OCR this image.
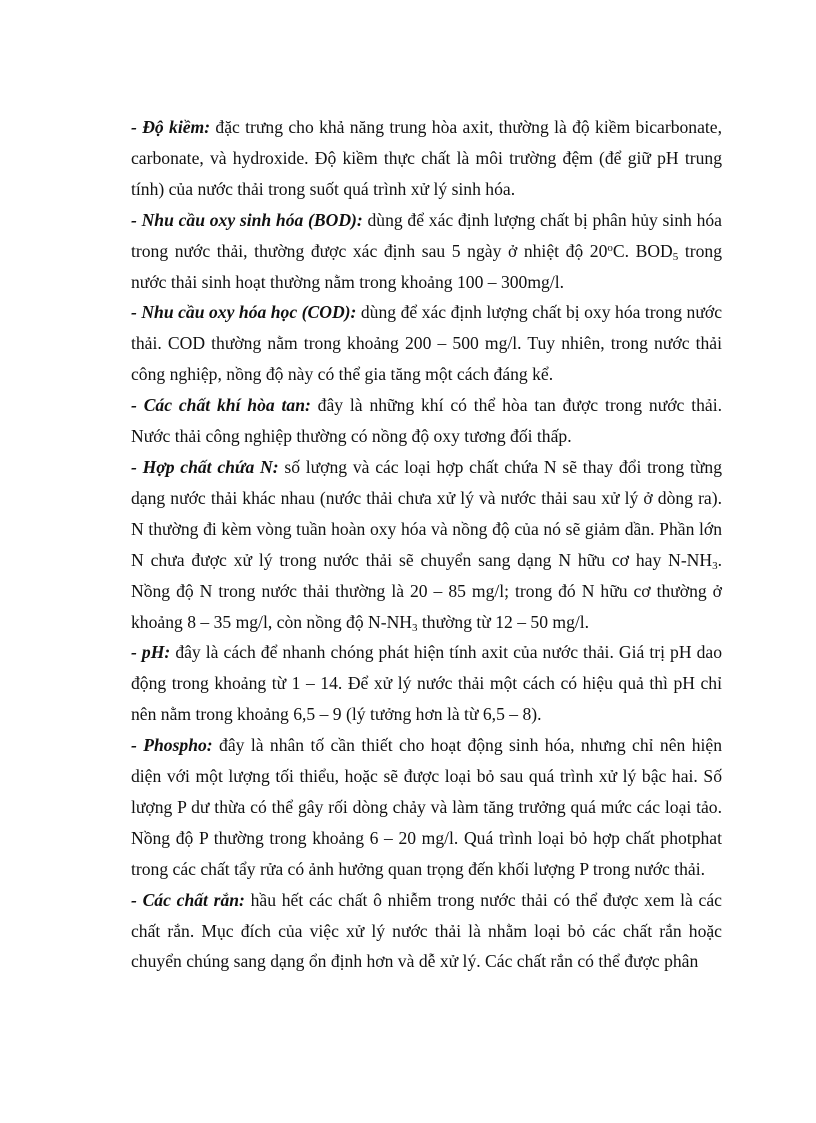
- Độ kiềm: đặc trưng cho khả năng trung hòa axit, thường là độ kiềm bicarbonate, carbonate, và hydroxide. Độ kiềm thực chất là môi trường đệm (để giữ pH trung tính) của nước thải trong suốt quá trình xử lý sinh hóa.

- Nhu cầu oxy sinh hóa (BOD): dùng để xác định lượng chất bị phân hủy sinh hóa trong nước thải, thường được xác định sau 5 ngày ở nhiệt độ 20$^o$C. $BOD_5$ trong nước thải sinh hoạt thường nằm trong khoảng 100 – 300mg/l.

- Nhu cầu oxy hóa học (COD): dùng để xác định lượng chất bị oxy hóa trong nước thải. COD thường nằm trong khoảng 200 – 500 mg/l. Tuy nhiên, trong nước thải công nghiệp, nồng độ này có thể gia tăng một cách đáng kể.

- Các chất khí hòa tan: đây là những khí có thể hòa tan được trong nước thải. Nước thải công nghiệp thường có nồng độ oxy tương đối thấp.

- Hợp chất chứa N: số lượng và các loại hợp chất chứa N sẽ thay đổi trong từng dạng nước thải khác nhau (nước thải chưa xử lý và nước thải sau xử lý ở dòng ra). N thường đi kèm vòng tuần hoàn oxy hóa và nồng độ của nó sẽ giảm dần. Phần lớn N chưa được xử lý trong nước thải sẽ chuyển sang dạng N hữu cơ hay $N-NH_3$. Nồng độ N trong nước thải thường là 20 – 85 mg/l; trong đó N hữu cơ thường ở khoảng 8 – 35 mg/l, còn nồng độ $N-NH_3$ thường từ 12 – 50 mg/l.

- pH: đây là cách để nhanh chóng phát hiện tính axit của nước thải. Giá trị pH dao động trong khoảng từ 1 – 14. Để xử lý nước thải một cách có hiệu quả thì pH chỉ nên nằm trong khoảng 6,5 – 9 (lý tưởng hơn là từ 6,5 – 8).

- Phospho: đây là nhân tố cần thiết cho hoạt động sinh hóa, nhưng chỉ nên hiện diện với một lượng tối thiểu, hoặc sẽ được loại bỏ sau quá trình xử lý bậc hai. Số lượng P dư thừa có thể gây rối dòng chảy và làm tăng trưởng quá mức các loại tảo. Nồng độ P thường trong khoảng 6 – 20 mg/l. Quá trình loại bỏ hợp chất photphat trong các chất tẩy rửa có ảnh hưởng quan trọng đến khối lượng P trong nước thải.

- Các chất rắn: hầu hết các chất ô nhiễm trong nước thải có thể được xem là các chất rắn. Mục đích của việc xử lý nước thải là nhằm loại bỏ các chất rắn hoặc chuyển chúng sang dạng ổn định hơn và dễ xử lý. Các chất rắn có thể được phân
